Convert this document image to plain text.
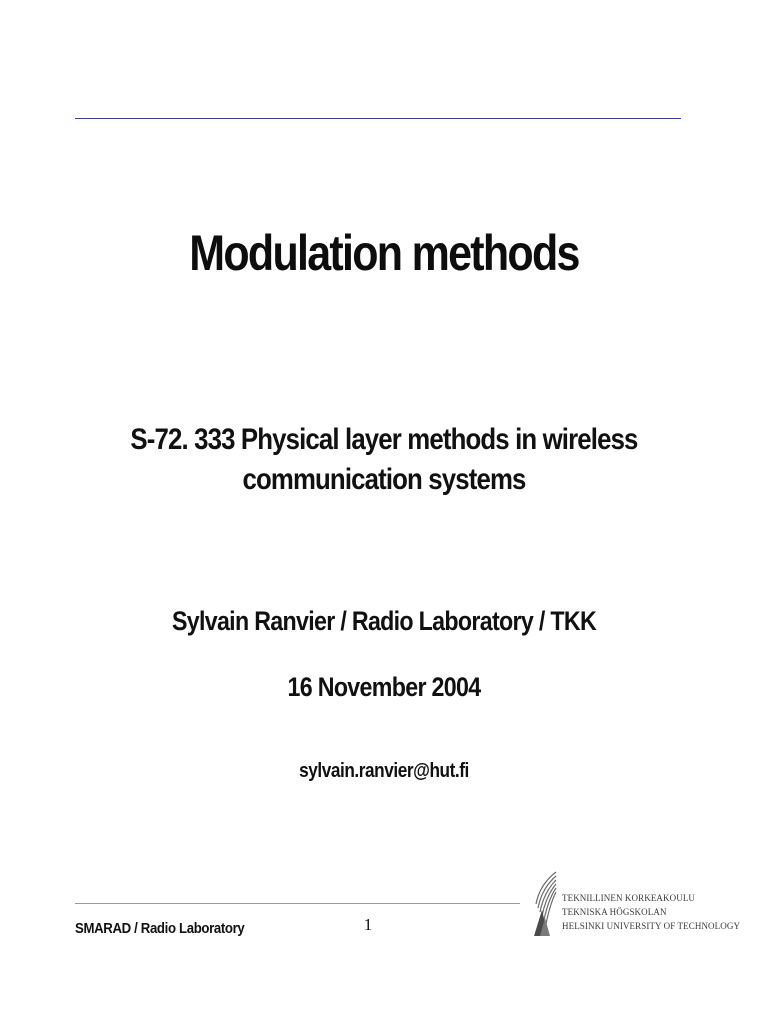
Modulation methods
S-72. 333 Physical layer methods in wireless
communication systems
Sylvain Ranvier / Radio Laboratory / TKK
16 November 2004
sylvain.ranvier@hut.fi
SMARAD / Radio Laboratory	1
TEKNILLINEN KORKEAKOULU
TEKNISKA HÖGSKOLAN
HELSINKI UNIVERSITY OF TECHNOLOGY
